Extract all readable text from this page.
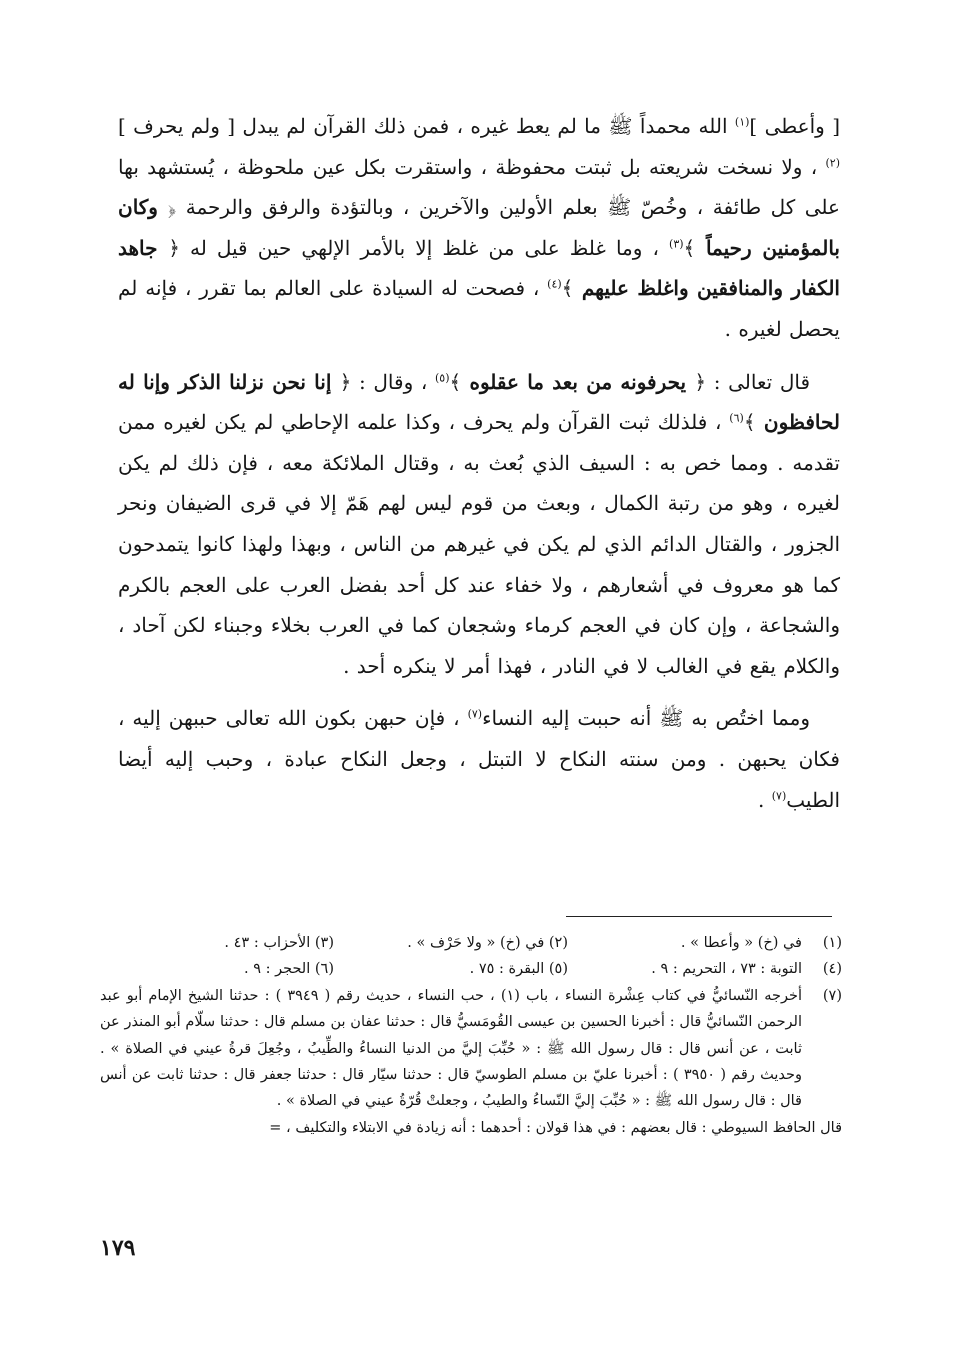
[ وأعطى ]$^{(١)}$ الله محمداً ﷺ ما لم يعط غيره ، فمن ذلك القرآن لم يبدل [ ولم يحرف ]$^{(٢)}$ ، ولا نسخت شريعته بل ثبتت محفوظة ، واستقرت بكل عين ملحوظة ، يُستشهد بها على كل طائفة ، وخُصّ ﷺ بعلم الأولين والآخرين ، وبالتؤدة والرفق والرحمة ﴿ وكان بالمؤمنين رحيماً ﴾$^{(٣)}$ ، وما غلظ على من غلظ إلا بالأمر الإلهي حين قيل له ﴿ جاهد الكفار والمنافقين واغلظ عليهم ﴾$^{(٤)}$ ، فصحت له السيادة على العالم بما تقرر ، فإنه لم يحصل لغيره .

قال تعالى : ﴿ يحرفونه من بعد ما عقلوه ﴾$^{(٥)}$ ، وقال : ﴿ إنا نحن نزلنا الذكر وإنا له لحافظون ﴾$^{(٦)}$ ، فلذلك ثبت القرآن ولم يحرف ، وكذا علمه الإحاطي لم يكن لغيره ممن تقدمه . ومما خص به : السيف الذي بُعث به ، وقتال الملائكة معه ، فإن ذلك لم يكن لغيره ، وهو من رتبة الكمال ، وبعث من قوم ليس لهم هَمّ إلا في قرى الضيفان ونحر الجزور ، والقتال الدائم الذي لم يكن في غيرهم من الناس ، وبهذا ولهذا كانوا يتمدحون كما هو معروف في أشعارهم ، ولا خفاء عند كل أحد بفضل العرب على العجم بالكرم والشجاعة ، وإن كان في العجم كرماء وشجعان كما في العرب بخلاء وجبناء لكن آحاد ، والكلام يقع في الغالب لا في النادر ، فهذا أمر لا ينكره أحد .

ومما اختُص به ﷺ أنه حببت إليه النساء$^{(٧)}$ ، فإن حبهن بكون الله تعالى حببهن إليه ، فكان يحبهن . ومن سنته النكاح لا التبتل ، وجعل النكاح عبادة ، وحبب إليه أيضا الطيب$^{(٧)}$ .

(١)
في (خ) « وأعطا » .
(٢) في (خ) « ولا حَرْف » .
(٣) الأحزاب : ٤٣ .
(٤)
التوبة : ٧٣ ، التحريم : ٩ .
(٥) البقرة : ٧٥ .
(٦) الحجر : ٩ .
(٧)
أخرجه النّسائيُّ في كتاب عِشْرة النساء ، باب (١) ، حب النساء ، حديث رقم ( ٣٩٤٩ ) : حدثنا الشيخ الإمام أبو عبد الرحمن النّسائيُّ قال : أخبرنا الحسين بن عيسى القُومَسيُّ قال : حدثنا عفان بن مسلم قال : حدثنا سلّام أبو المنذر عن ثابت ، عن أنس قال : قال رسول الله ﷺ : « حُبِّبَ إليَّ من الدنيا النساءُ والطِّيبُ ، وجُعِلَ قرةُ عيني في الصلاة » . وحديث رقم ( ٣٩٥٠ ) : أخبرنا عليّ بن مسلم الطوسيّ قال : حدثنا سيّار قال : حدثنا جعفر قال : حدثنا ثابت عن أنس قال : قال رسول الله ﷺ : « حُبِّبَ إليَّ النّساءُ والطيبُ ، وجعلتْ قُرّةُ عيني في الصلاة » .
قال الحافظ السيوطي : قال بعضهم : في هذا قولان : أحدهما : أنه زيادة في الابتلاء والتكليف ، =
١٧٩
